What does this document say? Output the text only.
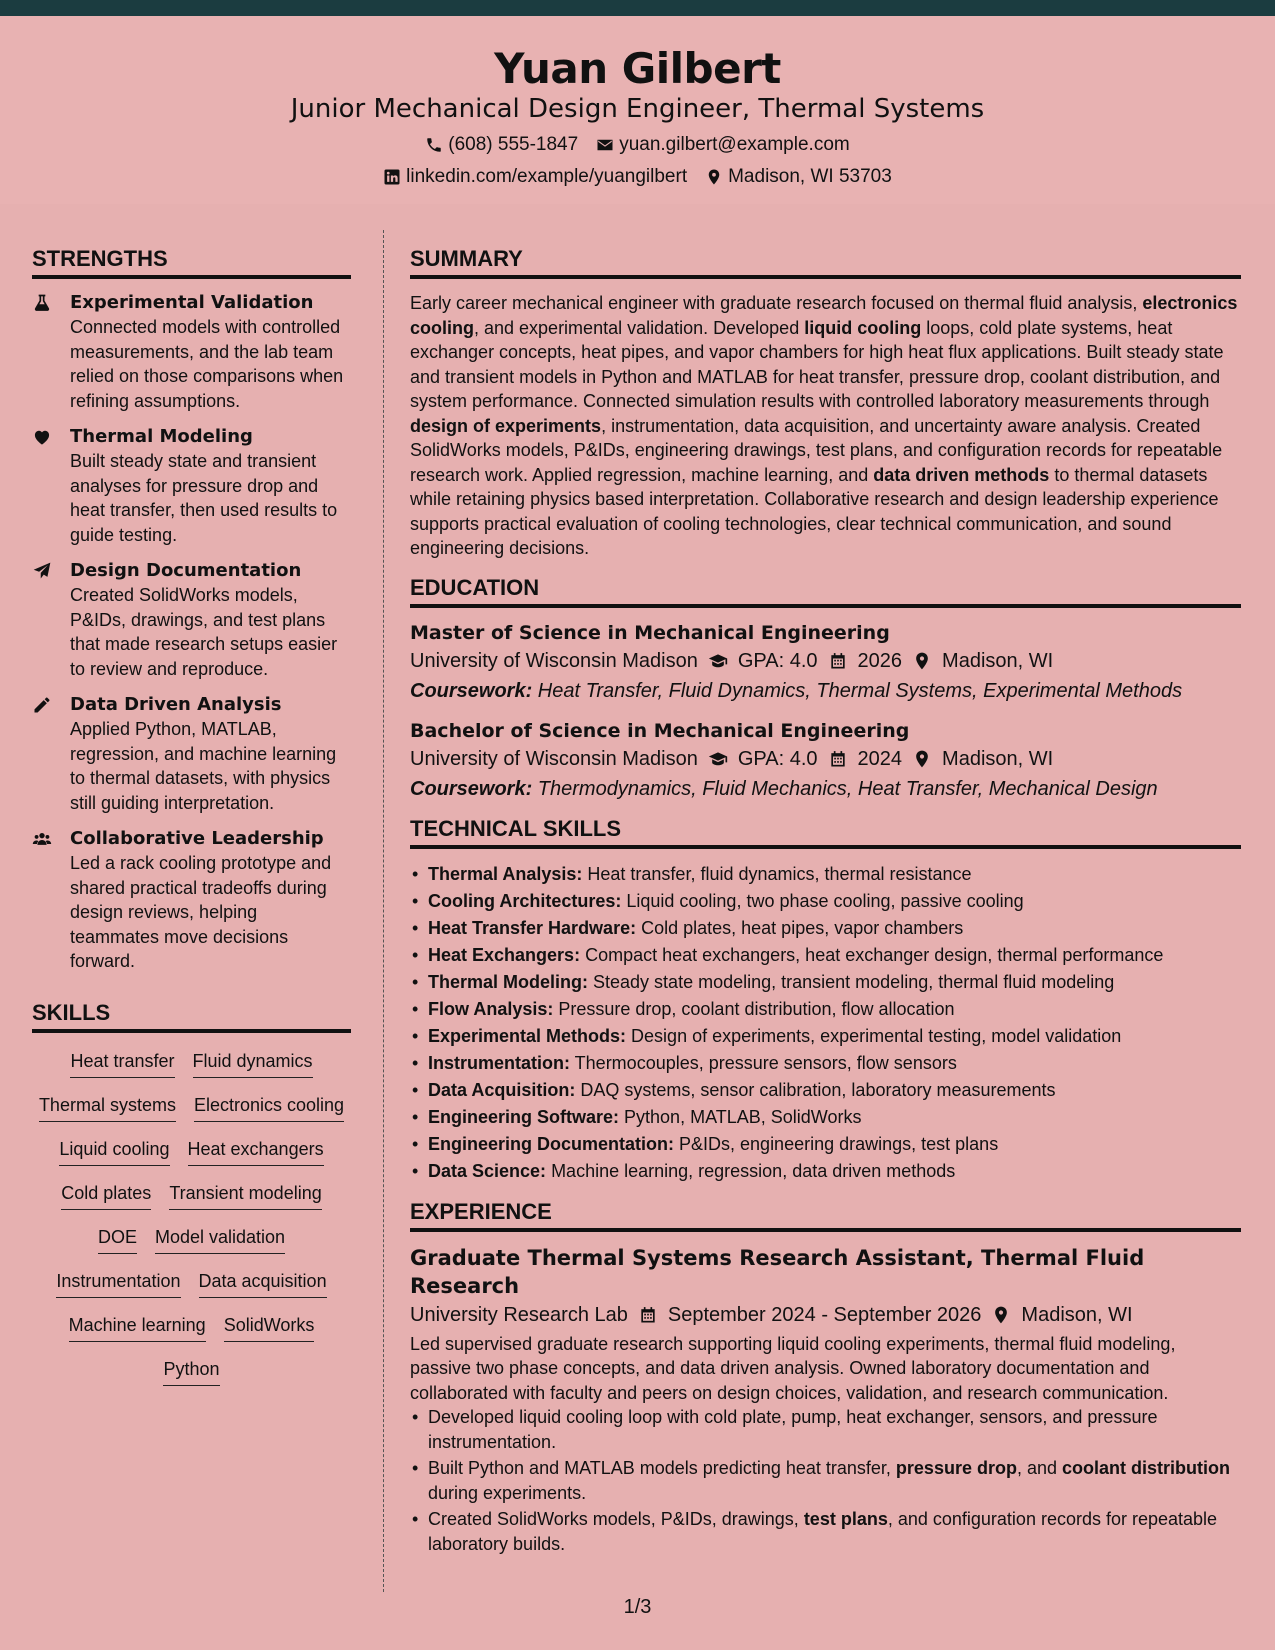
Yuan Gilbert
Junior Mechanical Design Engineer, Thermal Systems
(608) 555-1847 yuan.gilbert@example.com
linkedin.com/example/yuangilbert Madison, WI 53703
STRENGTHS
Experimental Validation
Connected models with controlled measurements, and the lab team relied on those comparisons when refining assumptions.
Thermal Modeling
Built steady state and transient analyses for pressure drop and heat transfer, then used results to guide testing.
Design Documentation
Created SolidWorks models, P&IDs, drawings, and test plans that made research setups easier to review and reproduce.
Data Driven Analysis
Applied Python, MATLAB, regression, and machine learning to thermal datasets, with physics still guiding interpretation.
Collaborative Leadership
Led a rack cooling prototype and shared practical tradeoffs during design reviews, helping teammates move decisions forward.
SKILLS
Heat transfer Fluid dynamics
Thermal systems Electronics cooling
Liquid cooling Heat exchangers
Cold plates Transient modeling
DOE Model validation
Instrumentation Data acquisition
Machine learning SolidWorks
Python
SUMMARY

Early career mechanical engineer with graduate research focused on thermal fluid analysis, electronics cooling, and experimental validation. Developed liquid cooling loops, cold plate systems, heat exchanger concepts, heat pipes, and vapor chambers for high heat flux applications. Built steady state and transient models in Python and MATLAB for heat transfer, pressure drop, coolant distribution, and system performance. Connected simulation results with controlled laboratory measurements through design of experiments, instrumentation, data acquisition, and uncertainty aware analysis. Created SolidWorks models, P&IDs, engineering drawings, test plans, and configuration records for repeatable research work. Applied regression, machine learning, and data driven methods to thermal datasets while retaining physics based interpretation. Collaborative research and design leadership experience supports practical evaluation of cooling technologies, clear technical communication, and sound engineering decisions.

EDUCATION
Master of Science in Mechanical Engineering
University of Wisconsin Madison GPA: 4.0 2026 Madison, WI
Coursework: Heat Transfer, Fluid Dynamics, Thermal Systems, Experimental Methods
Bachelor of Science in Mechanical Engineering
University of Wisconsin Madison GPA: 4.0 2024 Madison, WI
Coursework: Thermodynamics, Fluid Mechanics, Heat Transfer, Mechanical Design
TECHNICAL SKILLS
• Thermal Analysis: Heat transfer, fluid dynamics, thermal resistance
• Cooling Architectures: Liquid cooling, two phase cooling, passive cooling
• Heat Transfer Hardware: Cold plates, heat pipes, vapor chambers
• Heat Exchangers: Compact heat exchangers, heat exchanger design, thermal performance
• Thermal Modeling: Steady state modeling, transient modeling, thermal fluid modeling
• Flow Analysis: Pressure drop, coolant distribution, flow allocation
• Experimental Methods: Design of experiments, experimental testing, model validation
• Instrumentation: Thermocouples, pressure sensors, flow sensors
• Data Acquisition: DAQ systems, sensor calibration, laboratory measurements
• Engineering Software: Python, MATLAB, SolidWorks
• Engineering Documentation: P&IDs, engineering drawings, test plans
• Data Science: Machine learning, regression, data driven methods
EXPERIENCE
Graduate Thermal Systems Research Assistant, Thermal Fluid Research
University Research Lab September 2024 - September 2026 Madison, WI

Led supervised graduate research supporting liquid cooling experiments, thermal fluid modeling, passive two phase concepts, and data driven analysis. Owned laboratory documentation and collaborated with faculty and peers on design choices, validation, and research communication.

• Developed liquid cooling loop with cold plate, pump, heat exchanger, sensors, and pressure instrumentation.
• Built Python and MATLAB models predicting heat transfer, pressure drop, and coolant distribution during experiments.
• Created SolidWorks models, P&IDs, drawings, test plans, and configuration records for repeatable laboratory builds.
1/3
